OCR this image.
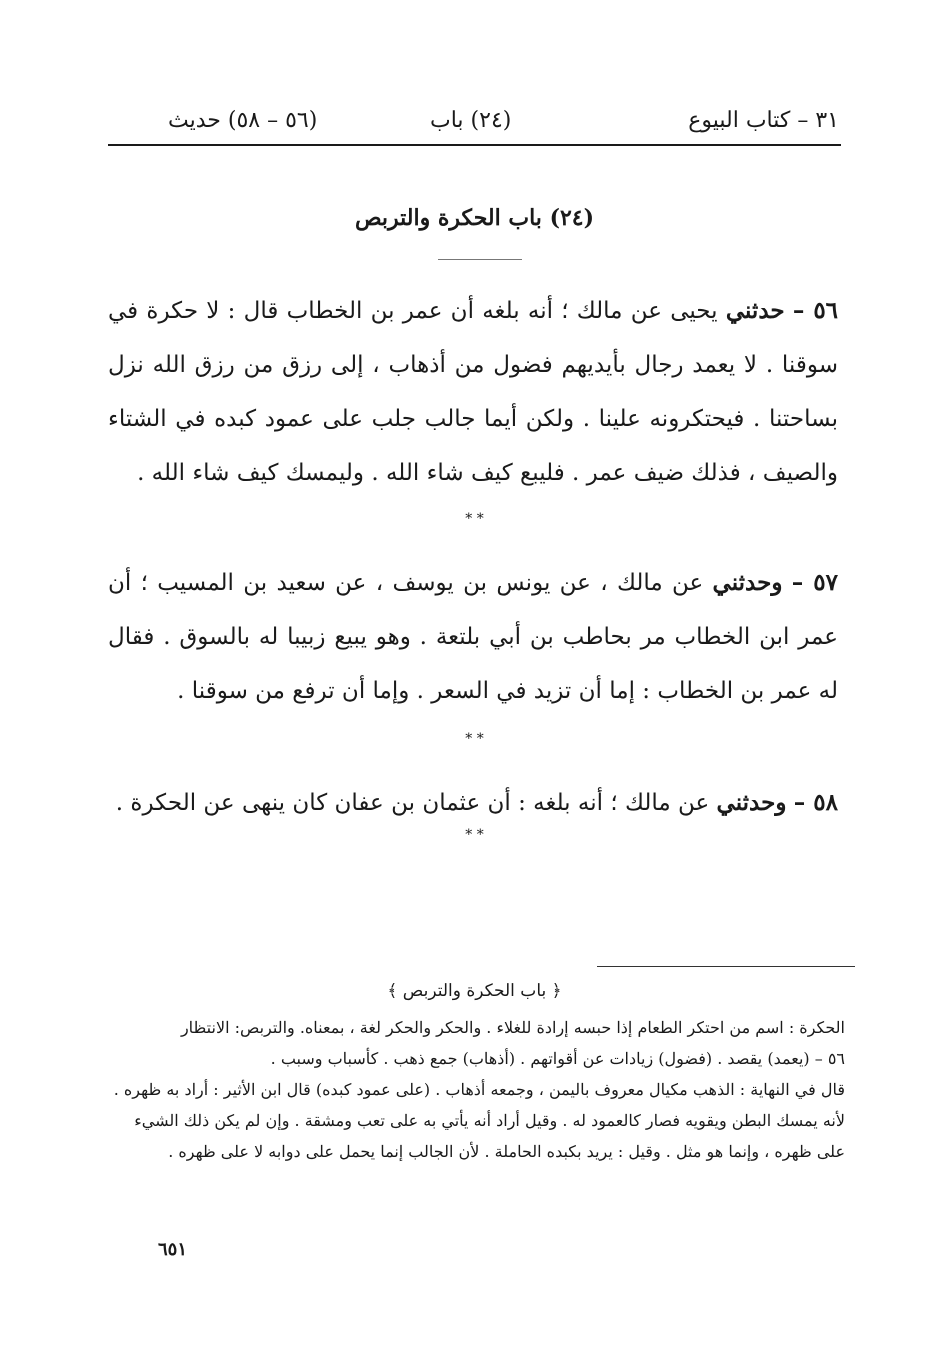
٣١ – كتاب البيوع
(٢٤) باب
(٥٦ – ٥٨) حديث
(٢٤) باب الحكرة والتربص
٥٦ – حدثني يحيى عن مالك ؛ أنه بلغه أن عمر بن الخطاب قال : لا حكرة في سوقنا . لا يعمد رجال بأيديهم فضول من أذهاب ، إلى رزق من رزق الله نزل بساحتنا . فيحتكرونه علينا . ولكن أيما جالب جلب على عمود كبده في الشتاء والصيف ، فذلك ضيف عمر . فليبع كيف شاء الله . وليمسك كيف شاء الله .
* *
٥٧ – وحدثني عن مالك ، عن يونس بن يوسف ، عن سعيد بن المسيب ؛ أن عمر ابن الخطاب مر بحاطب بن أبي بلتعة . وهو يبيع زبيبا له بالسوق . فقال له عمر بن الخطاب : إما أن تزيد في السعر . وإما أن ترفع من سوقنا .
* *
٥٨ – وحدثني عن مالك ؛ أنه بلغه : أن عثمان بن عفان كان ينهى عن الحكرة .
* *
﴿ باب الحكرة والتربص ﴾
الحكرة : اسم من احتكر الطعام إذا حبسه إرادة للغلاء . والحكر والحكر لغة ، بمعناه. والتربص: الانتظار
٥٦ – (يعمد) يقصد . (فضول) زيادات عن أقواتهم . (أذهاب) جمع ذهب . كأسباب وسبب .
قال في النهاية : الذهب مكيال معروف باليمن ، وجمعه أذهاب . (على عمود كبده) قال ابن الأثير : أراد به ظهره .
لأنه يمسك البطن ويقويه فصار كالعمود له . وقيل أراد أنه يأتي به على تعب ومشقة . وإن لم يكن ذلك الشيء
على ظهره ، وإنما هو مثل . وقيل : يريد بكبده الحاملة . لأن الجالب إنما يحمل على دوابه لا على ظهره .
٦٥١
